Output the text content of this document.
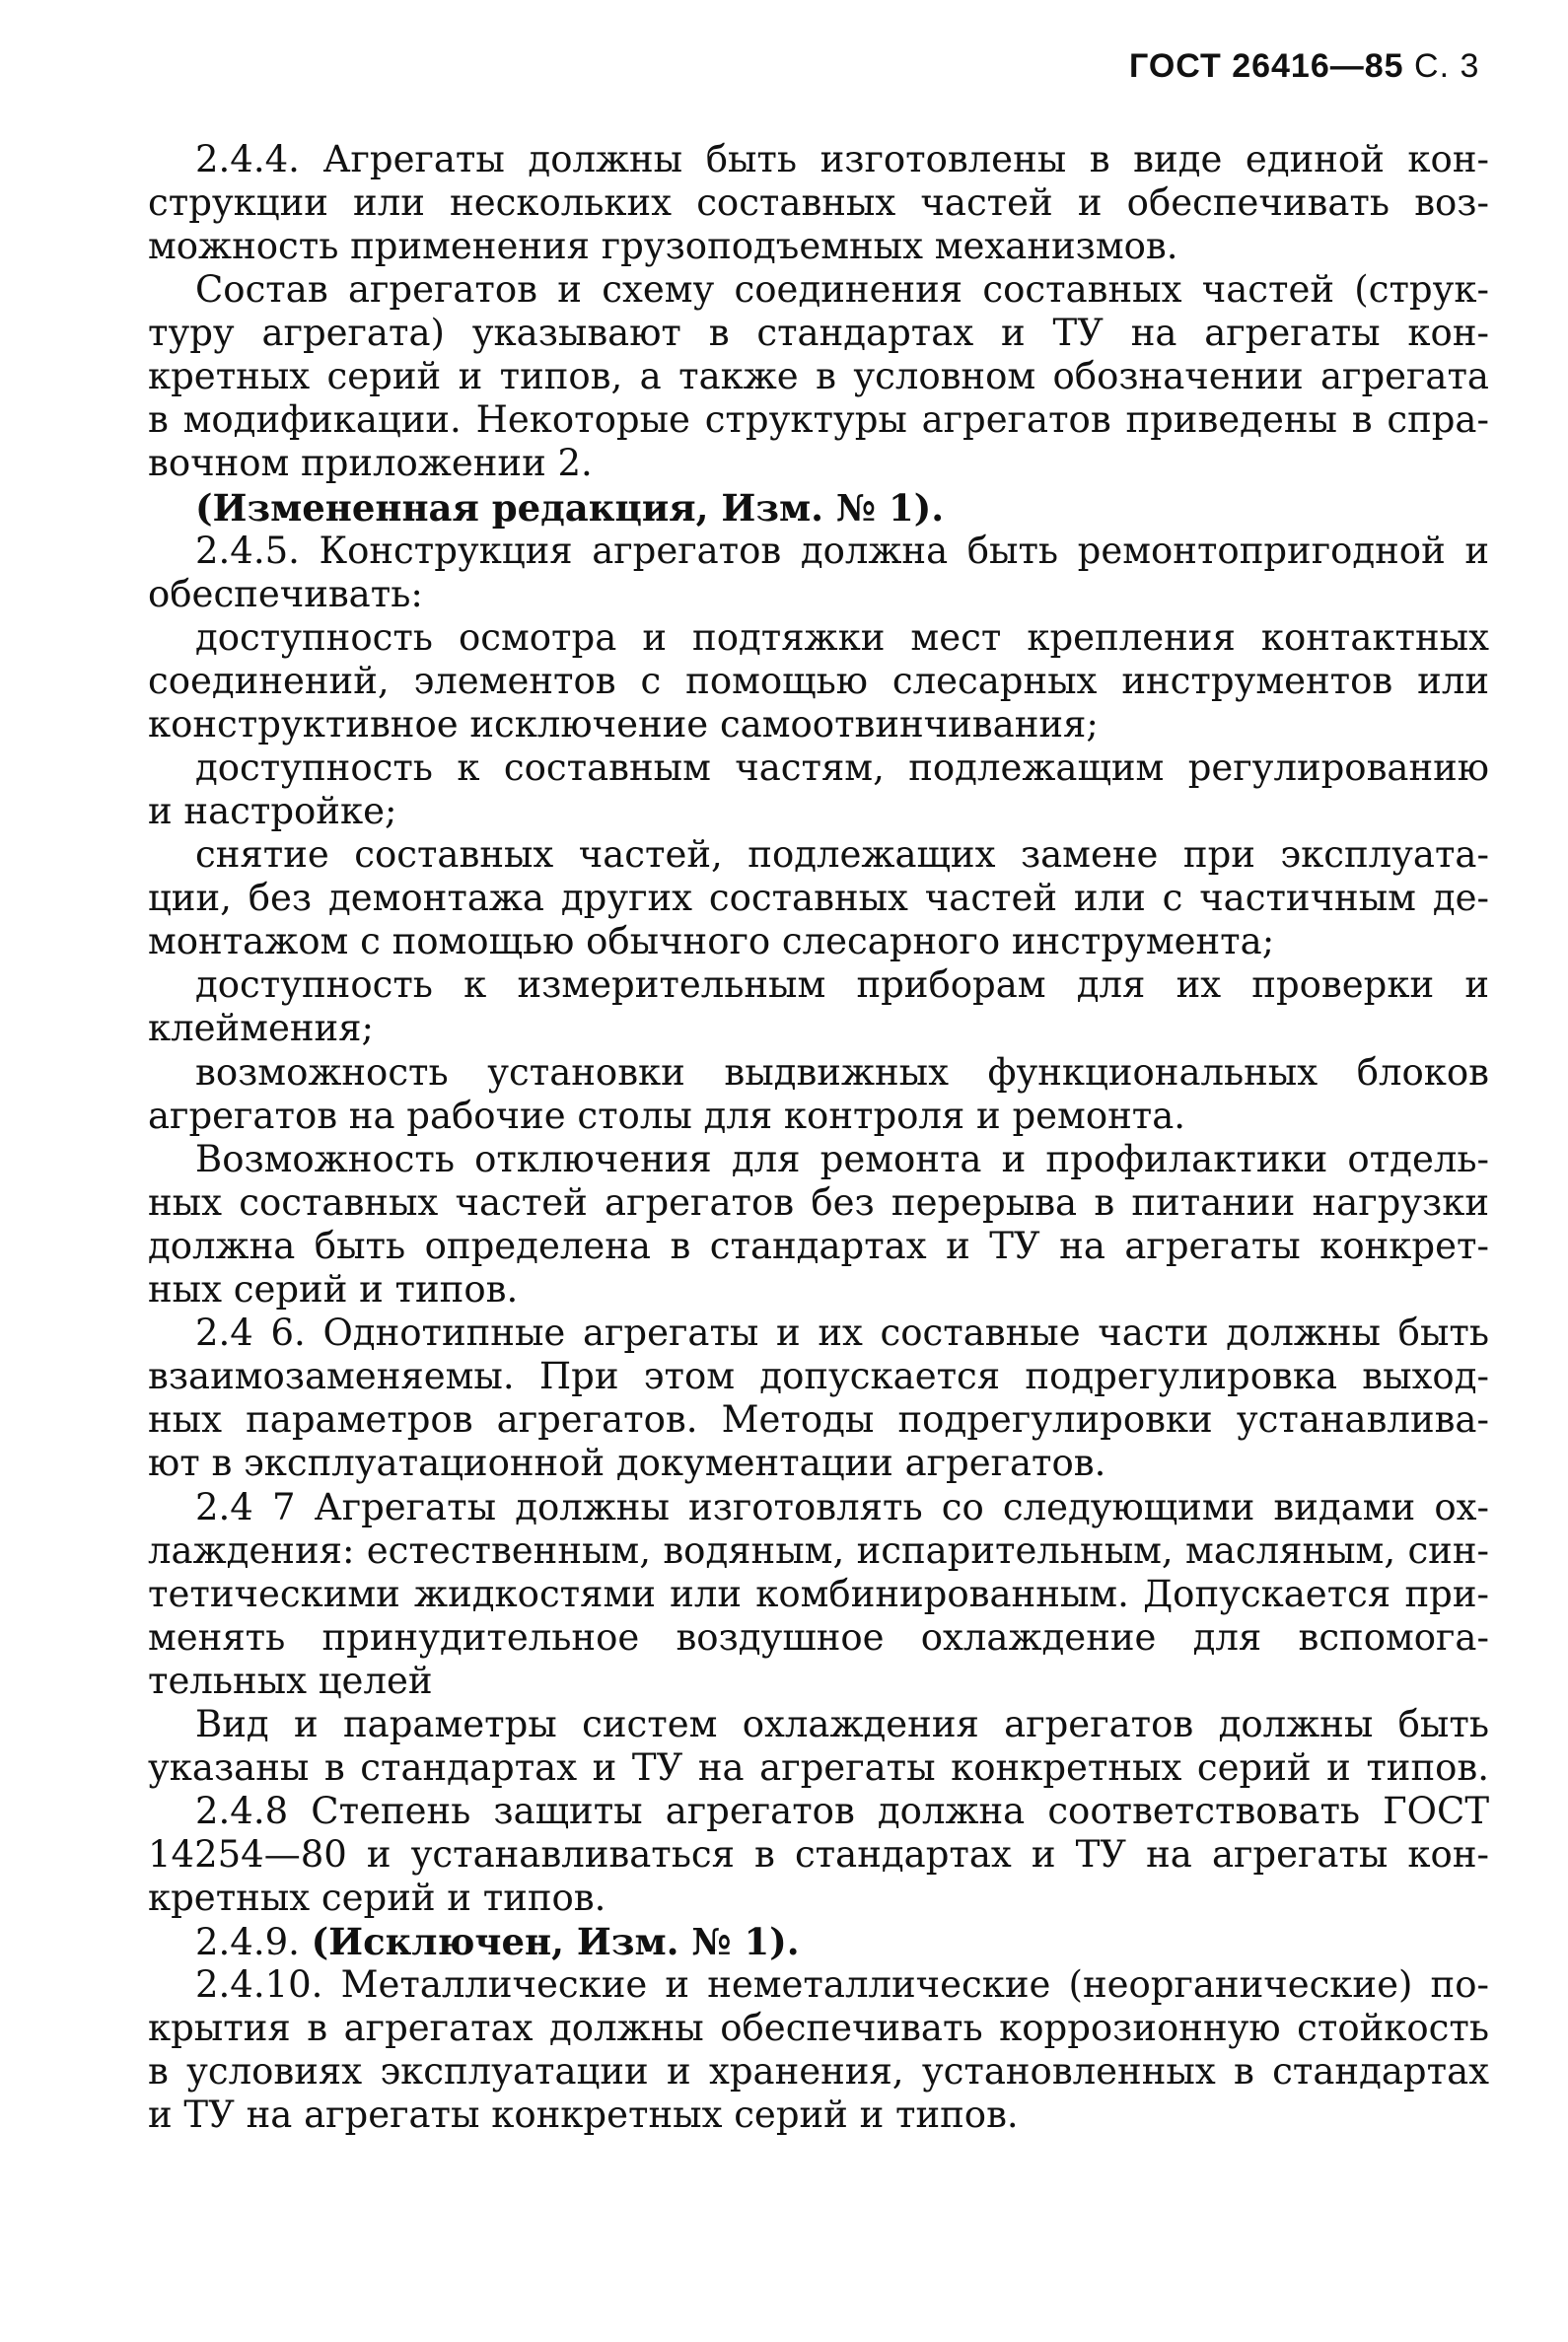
ГОСТ 26416—85 С. 3
2.4.4. Агрегаты должны быть изготовлены в виде единой кон-
струкции или нескольких составных частей и обеспечивать воз-
можность применения грузоподъемных механизмов.
Состав агрегатов и схему соединения составных частей (струк-
туру агрегата) указывают в стандартах и ТУ на агрегаты кон-
кретных серий и типов, а также в условном обозначении агрегата
в модификации. Некоторые структуры агрегатов приведены в спра-
вочном приложении 2.
(Измененная редакция, Изм. № 1).
2.4.5. Конструкция агрегатов должна быть ремонтопригодной и
обеспечивать:
доступность осмотра и подтяжки мест крепления контактных
соединений, элементов с помощью слесарных инструментов или
конструктивное исключение самоотвинчивания;
доступность к составным частям, подлежащим регулированию
и настройке;
снятие составных частей, подлежащих замене при эксплуата-
ции, без демонтажа других составных частей или с частичным де-
монтажом с помощью обычного слесарного инструмента;
доступность к измерительным приборам для их проверки и
клеймения;
возможность установки выдвижных функциональных блоков
агрегатов на рабочие столы для контроля и ремонта.
Возможность отключения для ремонта и профилактики отдель-
ных составных частей агрегатов без перерыва в питании нагрузки
должна быть определена в стандартах и ТУ на агрегаты конкрет-
ных серий и типов.
2.4 6. Однотипные агрегаты и их составные части должны быть
взаимозаменяемы. При этом допускается подрегулировка выход-
ных параметров агрегатов. Методы подрегулировки устанавлива-
ют в эксплуатационной документации агрегатов.
2.4 7 Агрегаты должны изготовлять со следующими видами ох-
лаждения: естественным, водяным, испарительным, масляным, син-
тетическими жидкостями или комбинированным. Допускается при-
менять принудительное воздушное охлаждение для вспомога-
тельных целей
Вид и параметры систем охлаждения агрегатов должны быть
указаны в стандартах и ТУ на агрегаты конкретных серий и типов.
2.4.8 Степень защиты агрегатов должна соответствовать ГОСТ
14254—80 и устанавливаться в стандартах и ТУ на агрегаты кон-
кретных серий и типов.
2.4.9. (Исключен, Изм. № 1).
2.4.10. Металлические и неметаллические (неорганические) по-
крытия в агрегатах должны обеспечивать коррозионную стойкость
в условиях эксплуатации и хранения, установленных в стандартах
и ТУ на агрегаты конкретных серий и типов.
